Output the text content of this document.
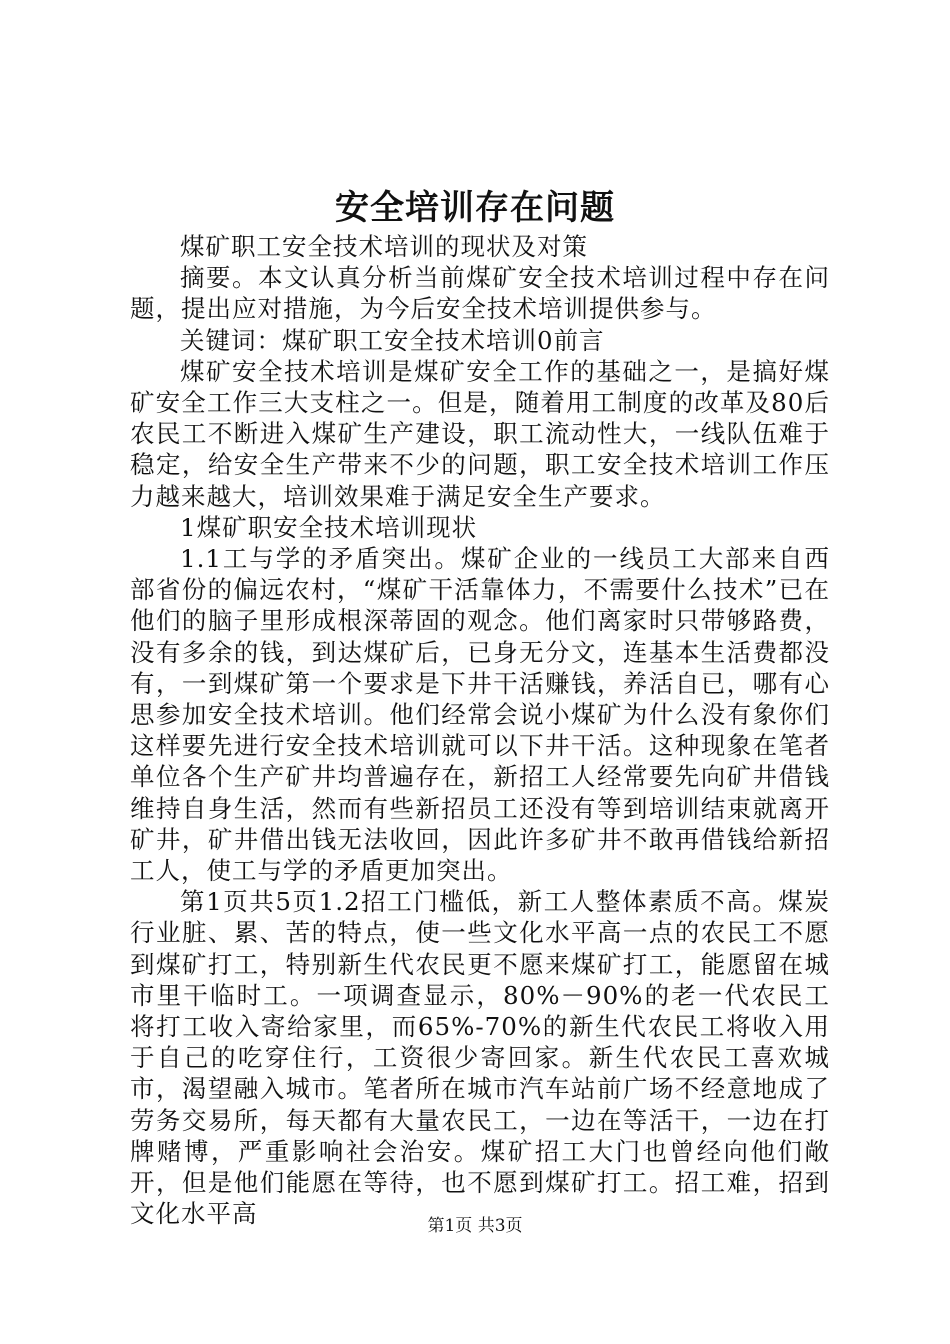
安全培训存在问题

煤矿职工安全技术培训的现状及对策

摘要。本文认真分析当前煤矿安全技术培训过程中存在问题，提出应对措施，为今后安全技术培训提供参与。

关键词：煤矿职工安全技术培训0前言

煤矿安全技术培训是煤矿安全工作的基础之一，是搞好煤矿安全工作三大支柱之一。但是，随着用工制度的改革及80后农民工不断进入煤矿生产建设，职工流动性大，一线队伍难于稳定，给安全生产带来不少的问题，职工安全技术培训工作压力越来越大，培训效果难于满足安全生产要求。

1煤矿职安全技术培训现状

1.1工与学的矛盾突出。煤矿企业的一线员工大部来自西部省份的偏远农村，“煤矿干活靠体力，不需要什么技术”已在他们的脑子里形成根深蒂固的观念。他们离家时只带够路费，没有多余的钱，到达煤矿后，已身无分文，连基本生活费都没有，一到煤矿第一个要求是下井干活赚钱，养活自已，哪有心思参加安全技术培训。他们经常会说小煤矿为什么没有象你们这样要先进行安全技术培训就可以下井干活。这种现象在笔者单位各个生产矿井均普遍存在，新招工人经常要先向矿井借钱维持自身生活，然而有些新招员工还没有等到培训结束就离开矿井，矿井借出钱无法收回，因此许多矿井不敢再借钱给新招工人，使工与学的矛盾更加突出。

第1页共5页1.2招工门槛低，新工人整体素质不高。煤炭行业脏、累、苦的特点，使一些文化水平高一点的农民工不愿到煤矿打工，特别新生代农民更不愿来煤矿打工，能愿留在城市里干临时工。一项调查显示，80%－90%的老一代农民工将打工收入寄给家里，而65%-70%的新生代农民工将收入用于自己的吃穿住行，工资很少寄回家。新生代农民工喜欢城市，渴望融入城市。笔者所在城市汽车站前广场不经意地成了劳务交易所，每天都有大量农民工，一边在等活干，一边在打牌赌博，严重影响社会治安。煤矿招工大门也曾经向他们敞开，但是他们能愿在等待，也不愿到煤矿打工。招工难，招到文化水平高	第1页 共3页
